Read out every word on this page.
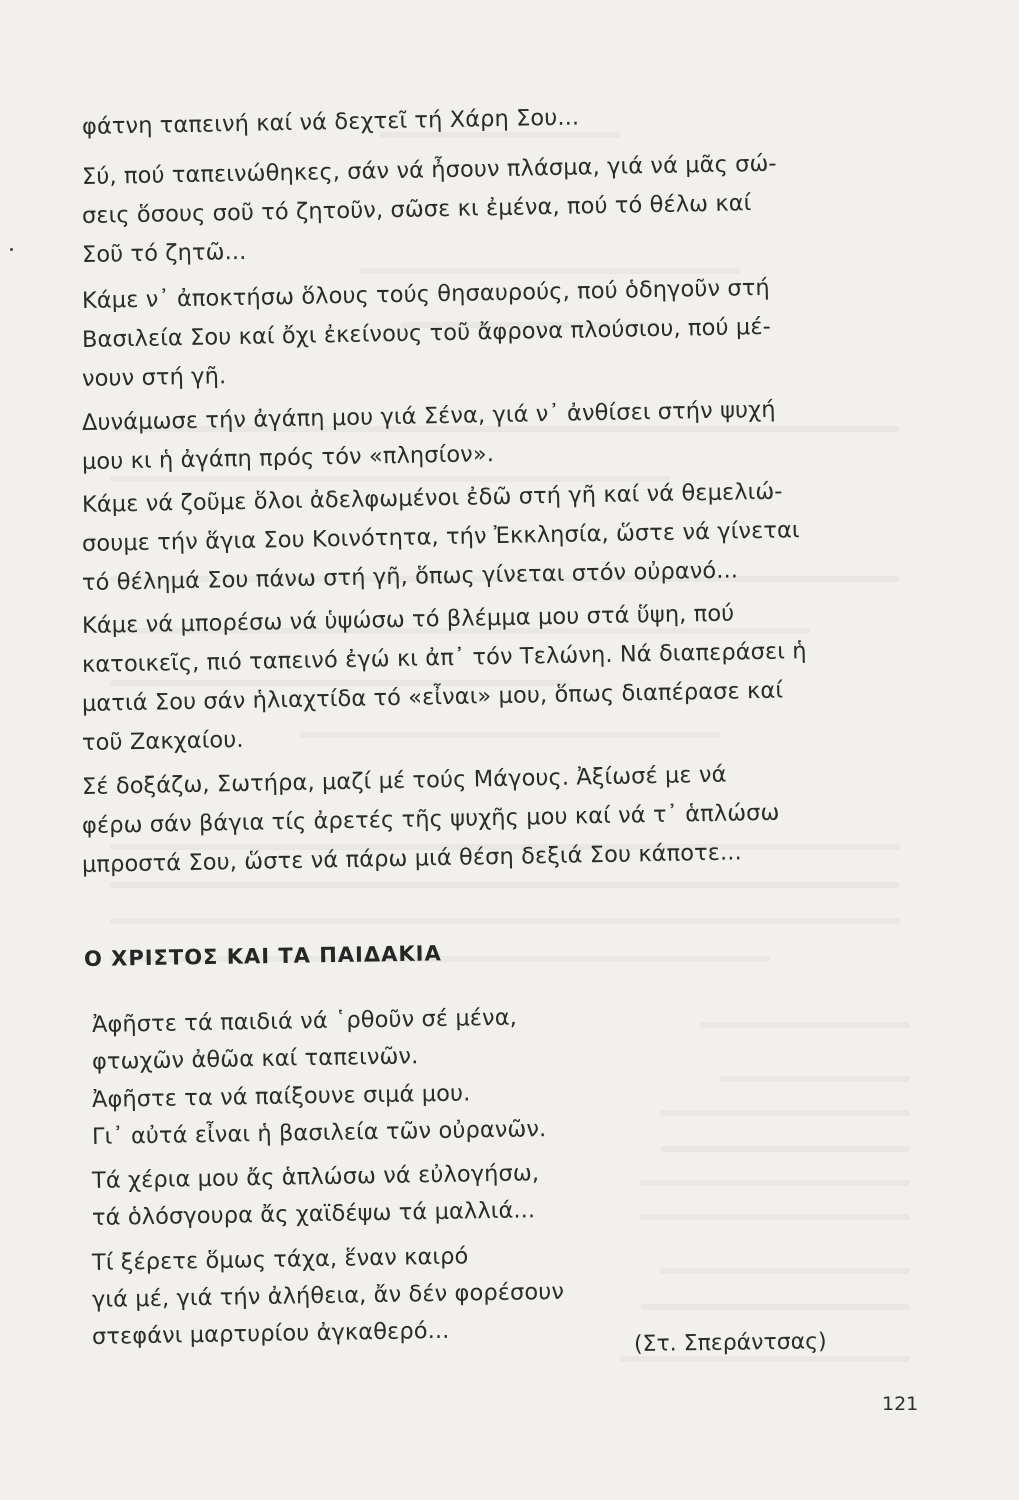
φάτνη ταπεινή καί νά δεχτεῖ τή Χάρη Σου...
Σύ, πού ταπεινώθηκες, σάν νά ἦσουν πλάσμα, γιά νά μᾶς σώ-
σεις ὅσους σοῦ τό ζητοῦν, σῶσε κι ἐμένα, πού τό θέλω καί
Σοῦ τό ζητῶ...
Κάμε ν᾿ ἀποκτήσω ὅλους τούς θησαυρούς, πού ὁδηγοῦν στή
Βασιλεία Σου καί ὄχι ἐκείνους τοῦ ἄφρονα πλούσιου, πού μέ-
νουν στή γῆ.
Δυνάμωσε τήν ἀγάπη μου γιά Σένα, γιά ν᾿ ἀνθίσει στήν ψυχή
μου κι ἡ ἀγάπη πρός τόν «πλησίον».
Κάμε νά ζοῦμε ὅλοι ἀδελφωμένοι ἐδῶ στή γῆ καί νά θεμελιώ-
σουμε τήν ἅγια Σου Κοινότητα, τήν Ἐκκλησία, ὥστε νά γίνεται
τό θέλημά Σου πάνω στή γῆ, ὅπως γίνεται στόν οὐρανό...
Κάμε νά μπορέσω νά ὑψώσω τό βλέμμα μου στά ὕψη, πού
κατοικεῖς, πιό ταπεινό ἐγώ κι ἀπ᾿ τόν Τελώνη. Νά διαπεράσει ἡ
ματιά Σου σάν ἡλιαχτίδα τό «εἶναι» μου, ὅπως διαπέρασε καί
τοῦ Ζακχαίου.
Σέ δοξάζω, Σωτήρα, μαζί μέ τούς Μάγους. Ἀξίωσέ με νά
φέρω σάν βάγια τίς ἀρετές τῆς ψυχῆς μου καί νά τ᾿ ἁπλώσω
μπροστά Σου, ὥστε νά πάρω μιά θέση δεξιά Σου κάποτε...
Ο ΧΡΙΣΤΟΣ ΚΑΙ ΤΑ ΠΑΙΔΑΚΙΑ
Ἀφῆστε τά παιδιά νά ῾ρθοῦν σέ μένα,
φτωχῶν ἀθῶα καί ταπεινῶν.
Ἀφῆστε τα νά παίξουνε σιμά μου.
Γι᾿ αὐτά εἶναι ἡ βασιλεία τῶν οὐρανῶν.
Τά χέρια μου ἄς ἁπλώσω νά εὐλογήσω,
τά ὁλόσγουρα ἄς χαϊδέψω τά μαλλιά...
Τί ξέρετε ὅμως τάχα, ἕναν καιρό
γιά μέ, γιά τήν ἀλήθεια, ἄν δέν φορέσουν
στεφάνι μαρτυρίου ἀγκαθερό...	(Στ. Σπεράντσας)
121
